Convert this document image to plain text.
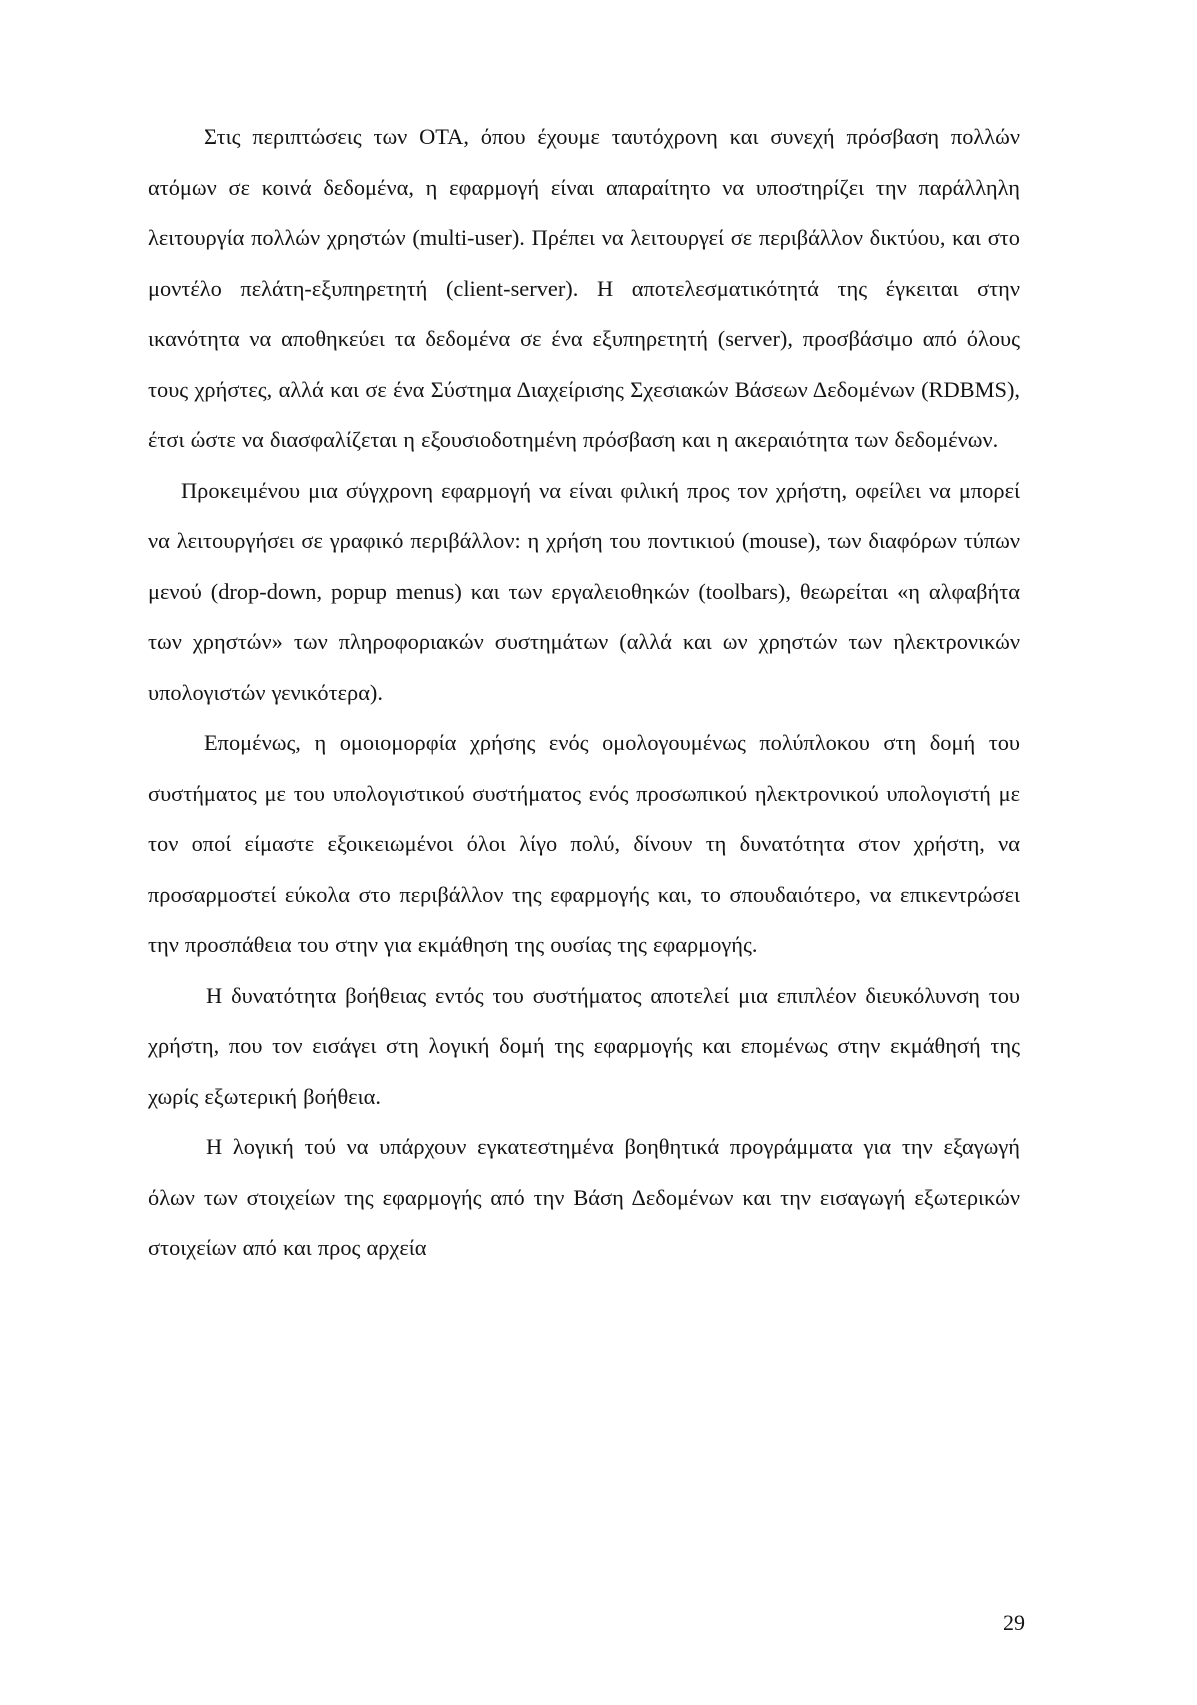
Στις περιπτώσεις των ΟΤΑ, όπου έχουμε ταυτόχρονη και συνεχή πρόσβαση πολλών ατόμων σε κοινά δεδομένα, η εφαρμογή είναι απαραίτητο να υποστηρίζει την παράλληλη λειτουργία πολλών χρηστών (multi-user). Πρέπει να λειτουργεί σε περιβάλλον δικτύου, και στο μοντέλο πελάτη-εξυπηρετητή (client-server). Η αποτελεσματικότητά της έγκειται στην ικανότητα να αποθηκεύει τα δεδομένα σε ένα εξυπηρετητή (server), προσβάσιμο από όλους τους χρήστες, αλλά και σε ένα Σύστημα Διαχείρισης Σχεσιακών Βάσεων Δεδομένων (RDBMS), έτσι ώστε να διασφαλίζεται η εξουσιοδοτημένη πρόσβαση και η ακεραιότητα των δεδομένων.

Προκειμένου μια σύγχρονη εφαρμογή να είναι φιλική προς τον χρήστη, οφείλει να μπορεί να λειτουργήσει σε γραφικό περιβάλλον: η χρήση του ποντικιού (mouse), των διαφόρων τύπων μενού (drop-down, popup menus) και των εργαλειοθηκών (toolbars), θεωρείται «η αλφαβήτα των χρηστών» των πληροφοριακών συστημάτων (αλλά και ων χρηστών των ηλεκτρονικών υπολογιστών γενικότερα).

Επομένως, η ομοιομορφία χρήσης ενός ομολογουμένως πολύπλοκου στη δομή του συστήματος με του υπολογιστικού συστήματος ενός προσωπικού ηλεκτρονικού υπολογιστή με τον οποί είμαστε εξοικειωμένοι όλοι λίγο πολύ, δίνουν τη δυνατότητα στον χρήστη, να προσαρμοστεί εύκολα στο περιβάλλον της εφαρμογής και, το σπουδαιότερο, να επικεντρώσει την προσπάθεια του στην για εκμάθηση της ουσίας της εφαρμογής.

Η δυνατότητα βοήθειας εντός του συστήματος αποτελεί μια επιπλέον διευκόλυνση του χρήστη, που τον εισάγει στη λογική δομή της εφαρμογής και επομένως στην εκμάθησή της χωρίς εξωτερική βοήθεια.

Η λογική τού να υπάρχουν εγκατεστημένα βοηθητικά προγράμματα για την εξαγωγή όλων των στοιχείων της εφαρμογής από την Βάση Δεδομένων και την εισαγωγή εξωτερικών στοιχείων από και προς αρχεία

29
